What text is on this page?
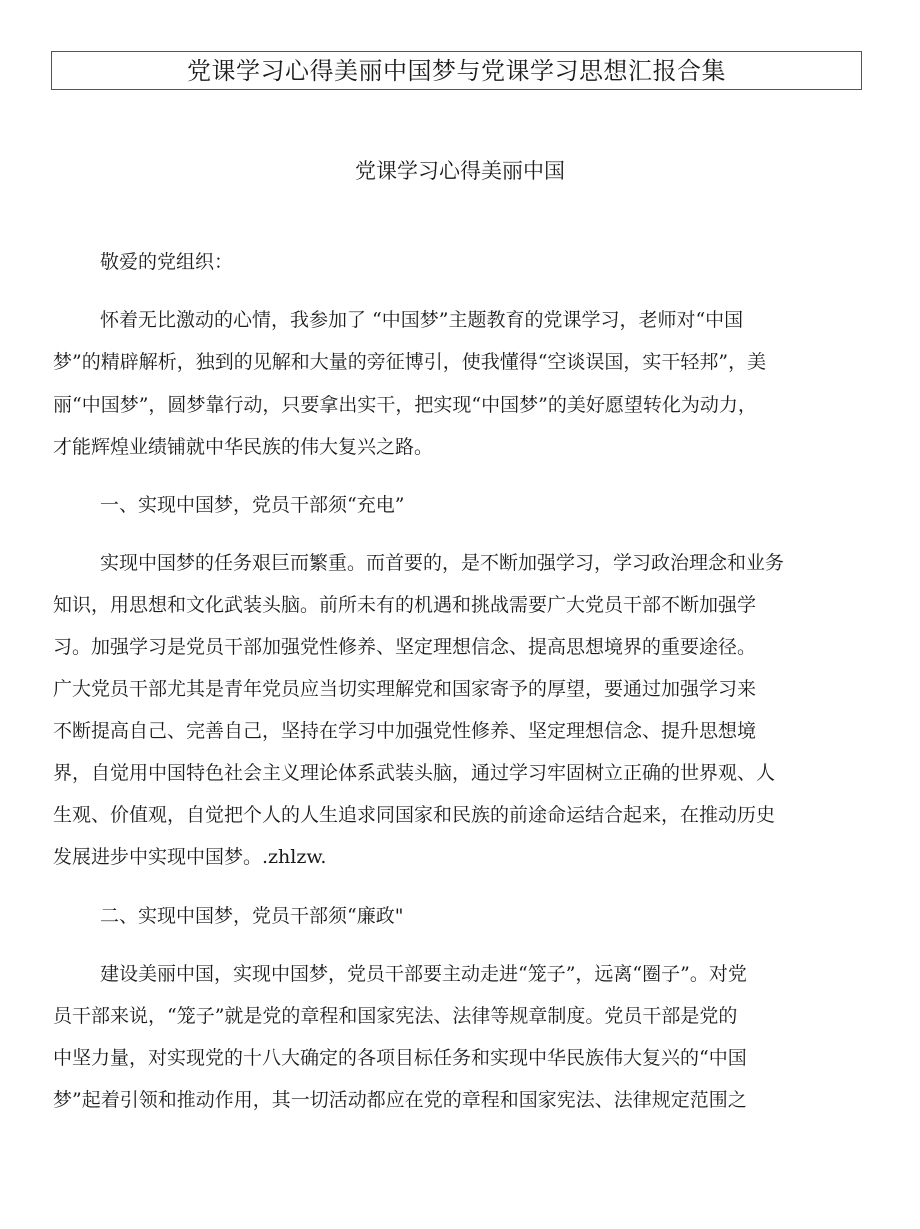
党课学习心得美丽中国梦与党课学习思想汇报合集
党课学习心得美丽中国
敬爱的党组织：
怀着无比激动的心情，我参加了 “中国梦”主题教育的党课学习，老师对“中国
梦”的精辟解析，独到的见解和大量的旁征博引，使我懂得“空谈误国，实干轻邦”，美
丽“中国梦”，圆梦靠行动，只要拿出实干，把实现“中国梦”的美好愿望转化为动力，
才能辉煌业绩铺就中华民族的伟大复兴之路。
一、实现中国梦，党员干部须“充电”
实现中国梦的任务艰巨而繁重。而首要的，是不断加强学习，学习政治理念和业务
知识，用思想和文化武装头脑。前所未有的机遇和挑战需要广大党员干部不断加强学
习。加强学习是党员干部加强党性修养、坚定理想信念、提高思想境界的重要途径。
广大党员干部尤其是青年党员应当切实理解党和国家寄予的厚望，要通过加强学习来
不断提高自己、完善自己，坚持在学习中加强党性修养、坚定理想信念、提升思想境
界，自觉用中国特色社会主义理论体系武装头脑，通过学习牢固树立正确的世界观、人
生观、价值观，自觉把个人的人生追求同国家和民族的前途命运结合起来，在推动历史
发展进步中实现中国梦。.zhlzw.
二、实现中国梦，党员干部须“廉政"
建设美丽中国，实现中国梦，党员干部要主动走进“笼子”，远离“圈子”。对党
员干部来说，“笼子”就是党的章程和国家宪法、法律等规章制度。党员干部是党的
中坚力量，对实现党的十八大确定的各项目标任务和实现中华民族伟大复兴的“中国
梦”起着引领和推动作用，其一切活动都应在党的章程和国家宪法、法律规定范围之
